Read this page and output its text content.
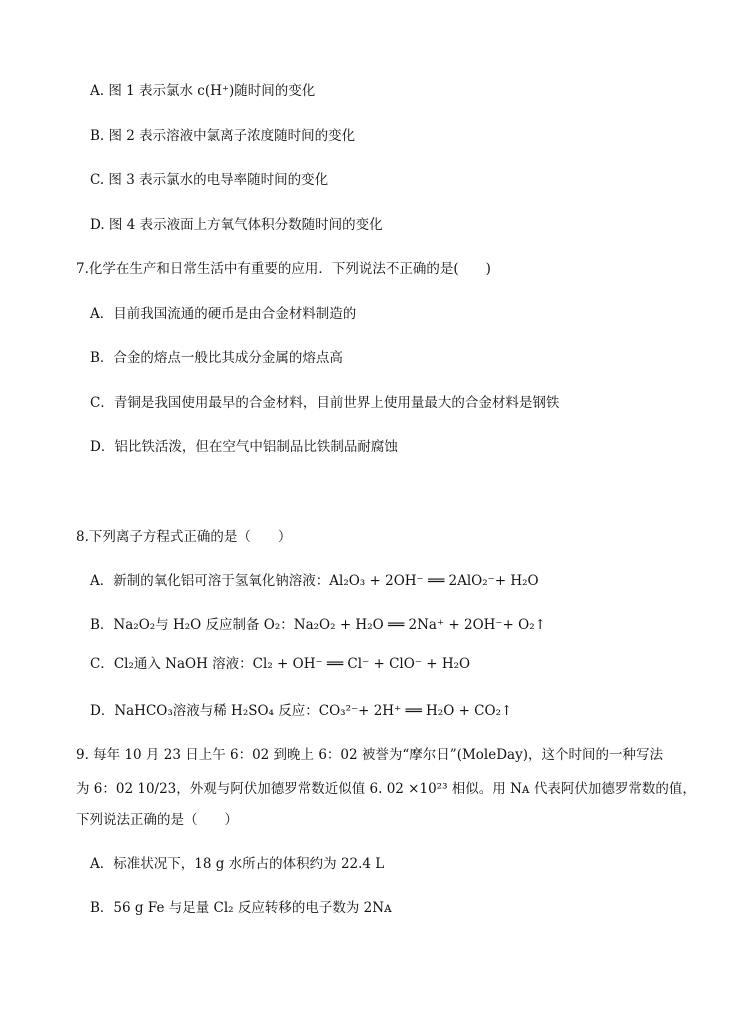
A. 图 1 表示氯水 c(H⁺)随时间的变化
B. 图 2 表示溶液中氯离子浓度随时间的变化
C. 图 3 表示氯水的电导率随时间的变化
D. 图 4 表示液面上方氧气体积分数随时间的变化
7.化学在生产和日常生活中有重要的应用．下列说法不正确的是(　　)
A．目前我国流通的硬币是由合金材料制造的
B．合金的熔点一般比其成分金属的熔点高
C．青铜是我国使用最早的合金材料，目前世界上使用量最大的合金材料是钢铁
D．铝比铁活泼，但在空气中铝制品比铁制品耐腐蚀
8.下列离子方程式正确的是（　　）
A．新制的氧化铝可溶于氢氧化钠溶液：Al₂O₃ + 2OH⁻ ══ 2AlO₂⁻+ H₂O
B．Na₂O₂与 H₂O 反应制备 O₂：Na₂O₂ + H₂O ══ 2Na⁺ + 2OH⁻+ O₂↑
C．Cl₂通入 NaOH 溶液：Cl₂ + OH⁻ ══ Cl⁻ + ClO⁻ + H₂O
D．NaHCO₃溶液与稀 H₂SO₄ 反应：CO₃²⁻+ 2H⁺ ══ H₂O + CO₂↑
9. 每年 10 月 23 日上午 6：02 到晚上 6：02 被誉为“摩尔日”(MoleDay)，这个时间的一种写法
为 6：02 10/23，外观与阿伏加德罗常数近似值 6. 02 ×10²³ 相似。用 Nᴀ 代表阿伏加德罗常数的值，
下列说法正确的是（　　）
A．标准状况下，18 g 水所占的体积约为 22.4 L
B．56 g Fe 与足量 Cl₂ 反应转移的电子数为 2Nᴀ
